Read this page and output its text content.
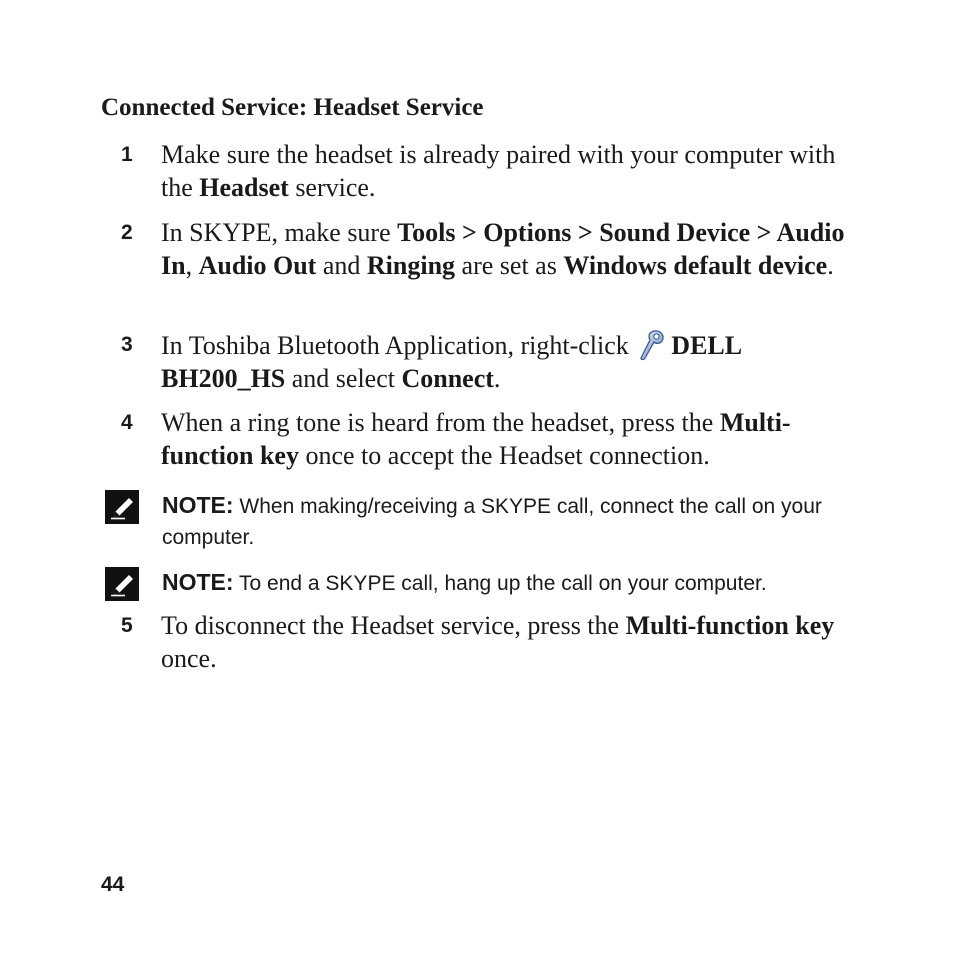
Connected Service: Headset Service
1	Make sure the headset is already paired with your computer with the Headset service.
2	In SKYPE, make sure Tools > Options > Sound Device > Audio In, Audio Out and Ringing are set as Windows default device.
3	In Toshiba Bluetooth Application, right-click DELL BH200_HS and select Connect.
4	When a ring tone is heard from the headset, press the Multi-function key once to accept the Headset connection.
NOTE: When making/receiving a SKYPE call, connect the call on your computer.
NOTE: To end a SKYPE call, hang up the call on your computer.
5	To disconnect the Headset service, press the Multi-function key once.
44
